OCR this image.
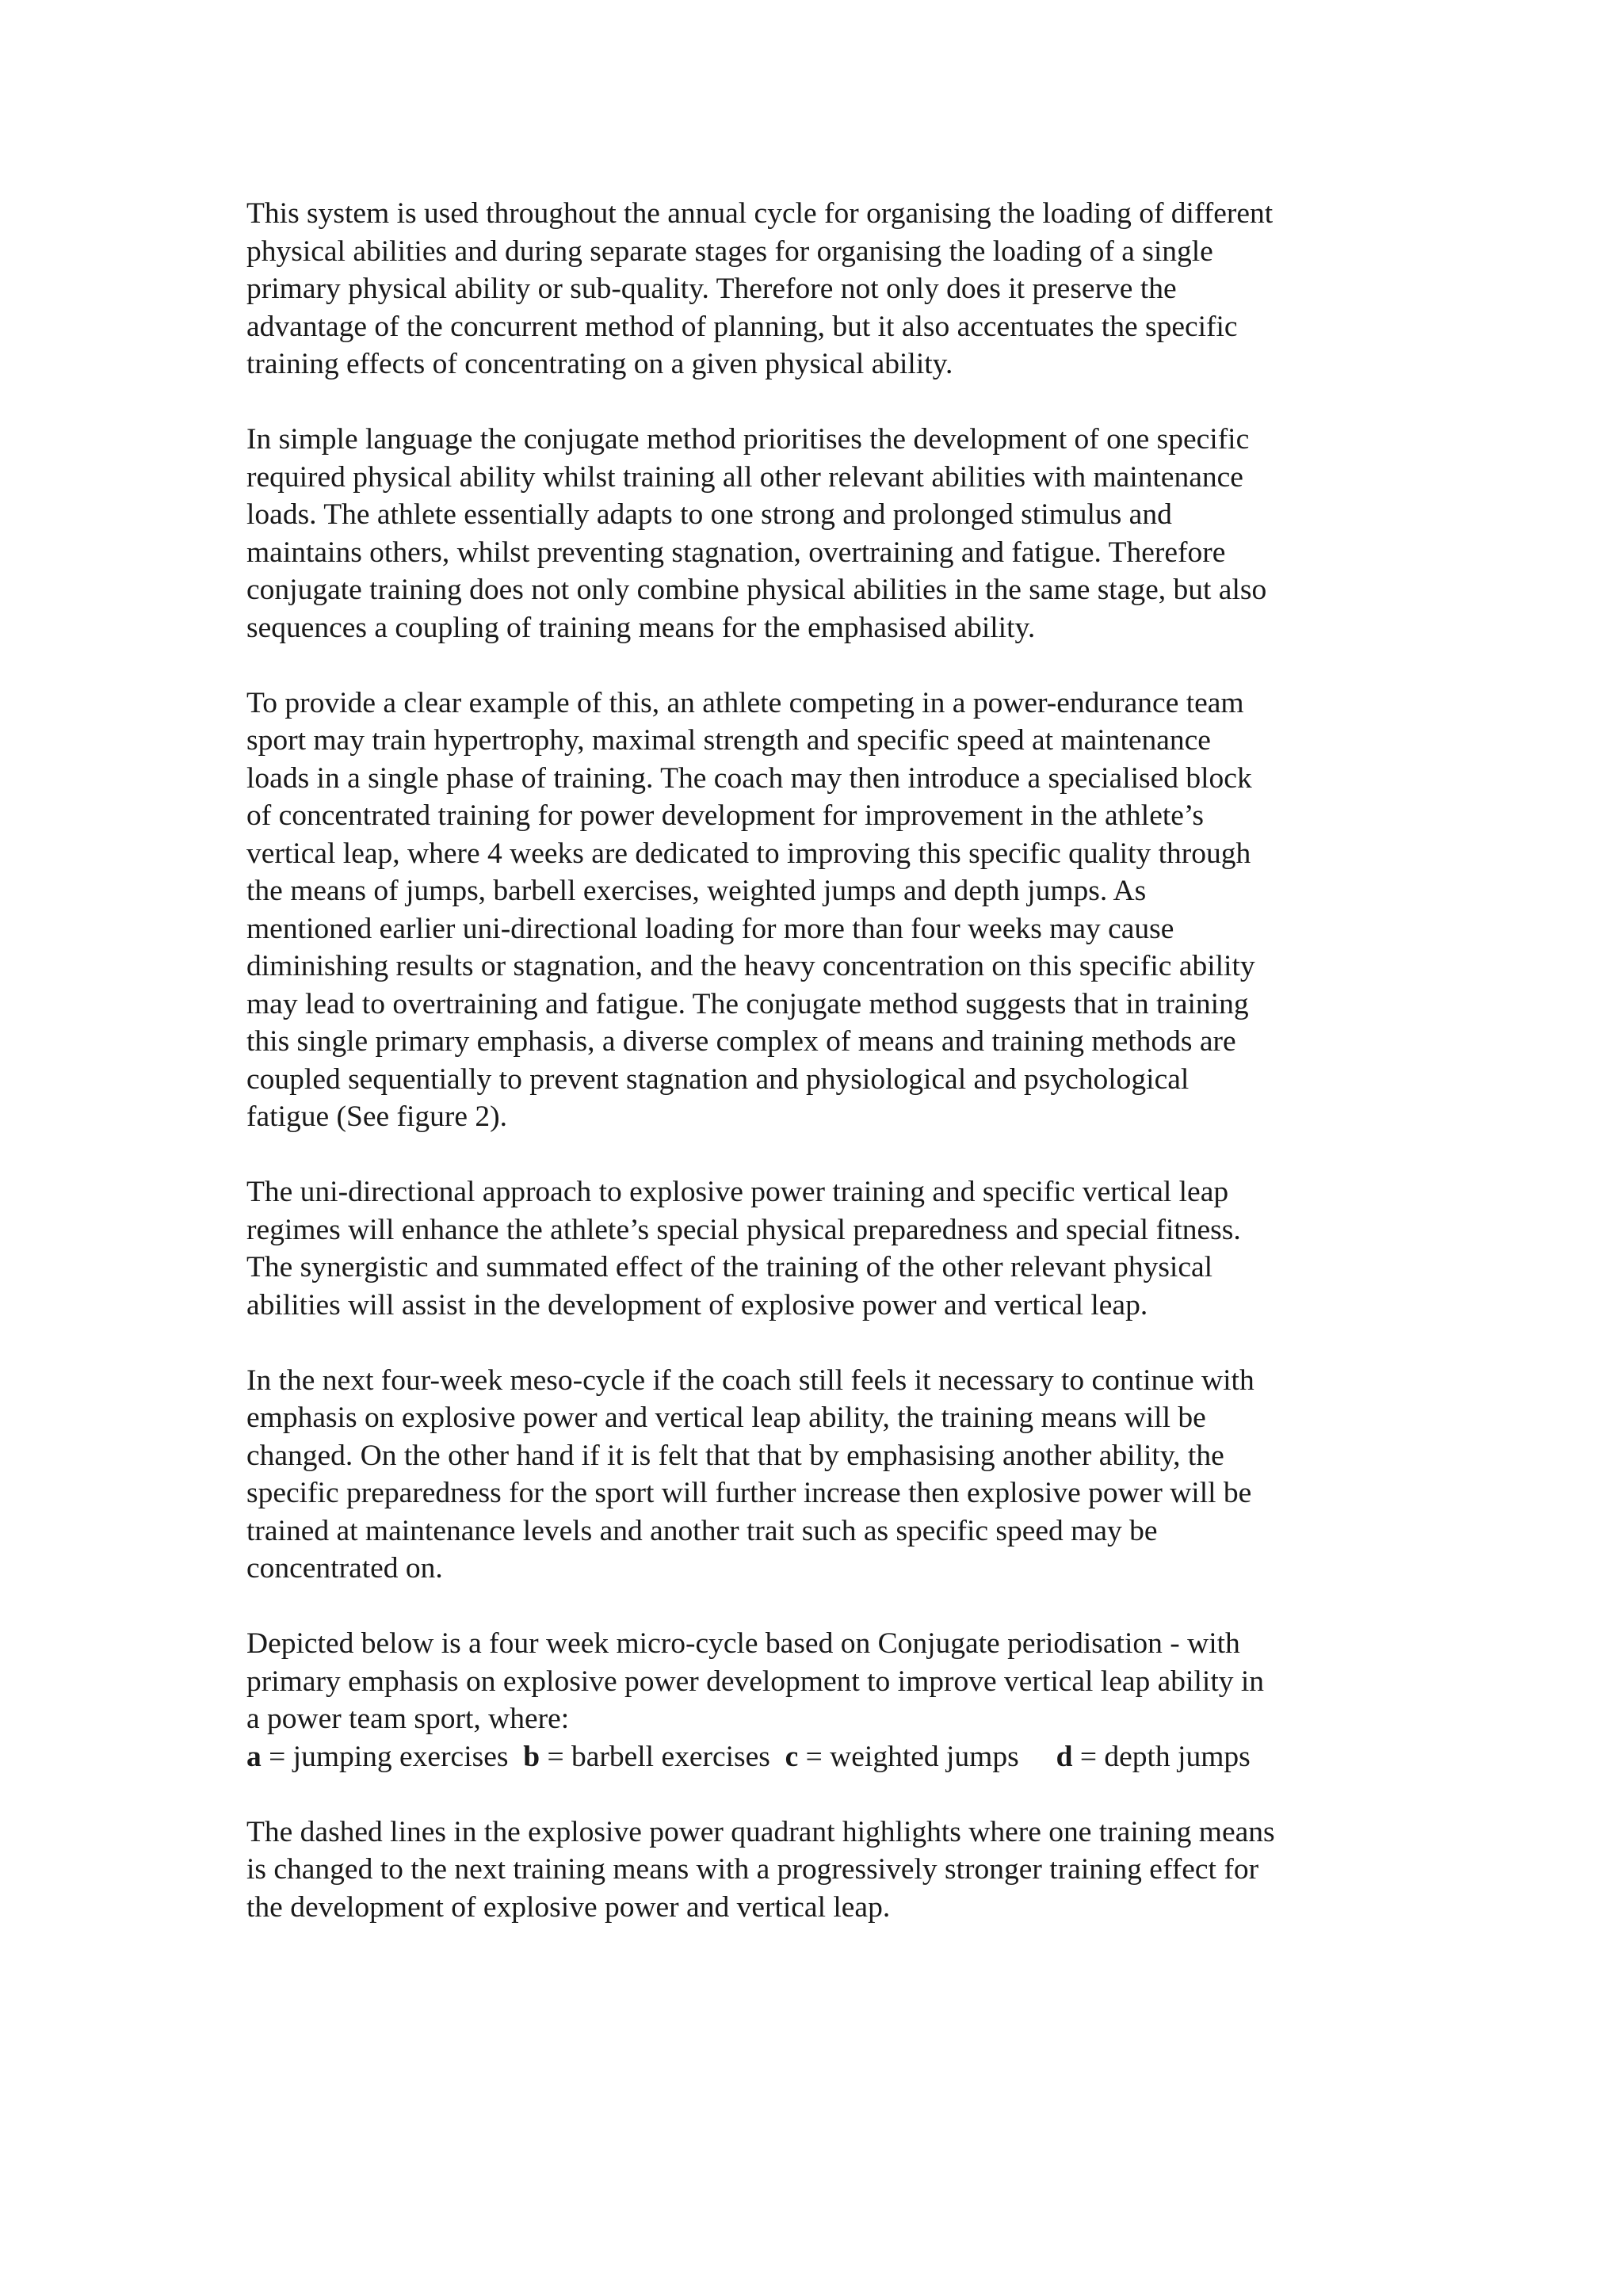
This system is used throughout the annual cycle for organising the loading of different
physical abilities and during separate stages for organising the loading of a single
primary physical ability or sub-quality. Therefore not only does it preserve the
advantage of the concurrent method of planning, but it also accentuates the specific
training effects of concentrating on a given physical ability.

In simple language the conjugate method prioritises the development of one specific
required physical ability whilst training all other relevant abilities with maintenance
loads. The athlete essentially adapts to one strong and prolonged stimulus and
maintains others, whilst preventing stagnation, overtraining and fatigue. Therefore
conjugate training does not only combine physical abilities in the same stage, but also
sequences a coupling of training means for the emphasised ability.

To provide a clear example of this, an athlete competing in a power-endurance team
sport may train hypertrophy, maximal strength and specific speed at maintenance
loads in a single phase of training. The coach may then introduce a specialised block
of concentrated training for power development for improvement in the athlete’s
vertical leap, where 4 weeks are dedicated to improving this specific quality through
the means of jumps, barbell exercises, weighted jumps and depth jumps. As
mentioned earlier uni-directional loading for more than four weeks may cause
diminishing results or stagnation, and the heavy concentration on this specific ability
may lead to overtraining and fatigue. The conjugate method suggests that in training
this single primary emphasis, a diverse complex of means and training methods are
coupled sequentially to prevent stagnation and physiological and psychological
fatigue (See figure 2).

The uni-directional approach to explosive power training and specific vertical leap
regimes will enhance the athlete’s special physical preparedness and special fitness.
The synergistic and summated effect of the training of the other relevant physical
abilities will assist in the development of explosive power and vertical leap.

In the next four-week meso-cycle if the coach still feels it necessary to continue with
emphasis on explosive power and vertical leap ability, the training means will be
changed. On the other hand if it is felt that that by emphasising another ability, the
specific preparedness for the sport will further increase then explosive power will be
trained at maintenance levels and another trait such as specific speed may be
concentrated on.

Depicted below is a four week micro-cycle based on Conjugate periodisation - with
primary emphasis on explosive power development to improve vertical leap ability in
a power team sport, where:
a = jumping exercises  b = barbell exercises  c = weighted jumps     d = depth jumps

The dashed lines in the explosive power quadrant highlights where one training means
is changed to the next training means with a progressively stronger training effect for
the development of explosive power and vertical leap.
